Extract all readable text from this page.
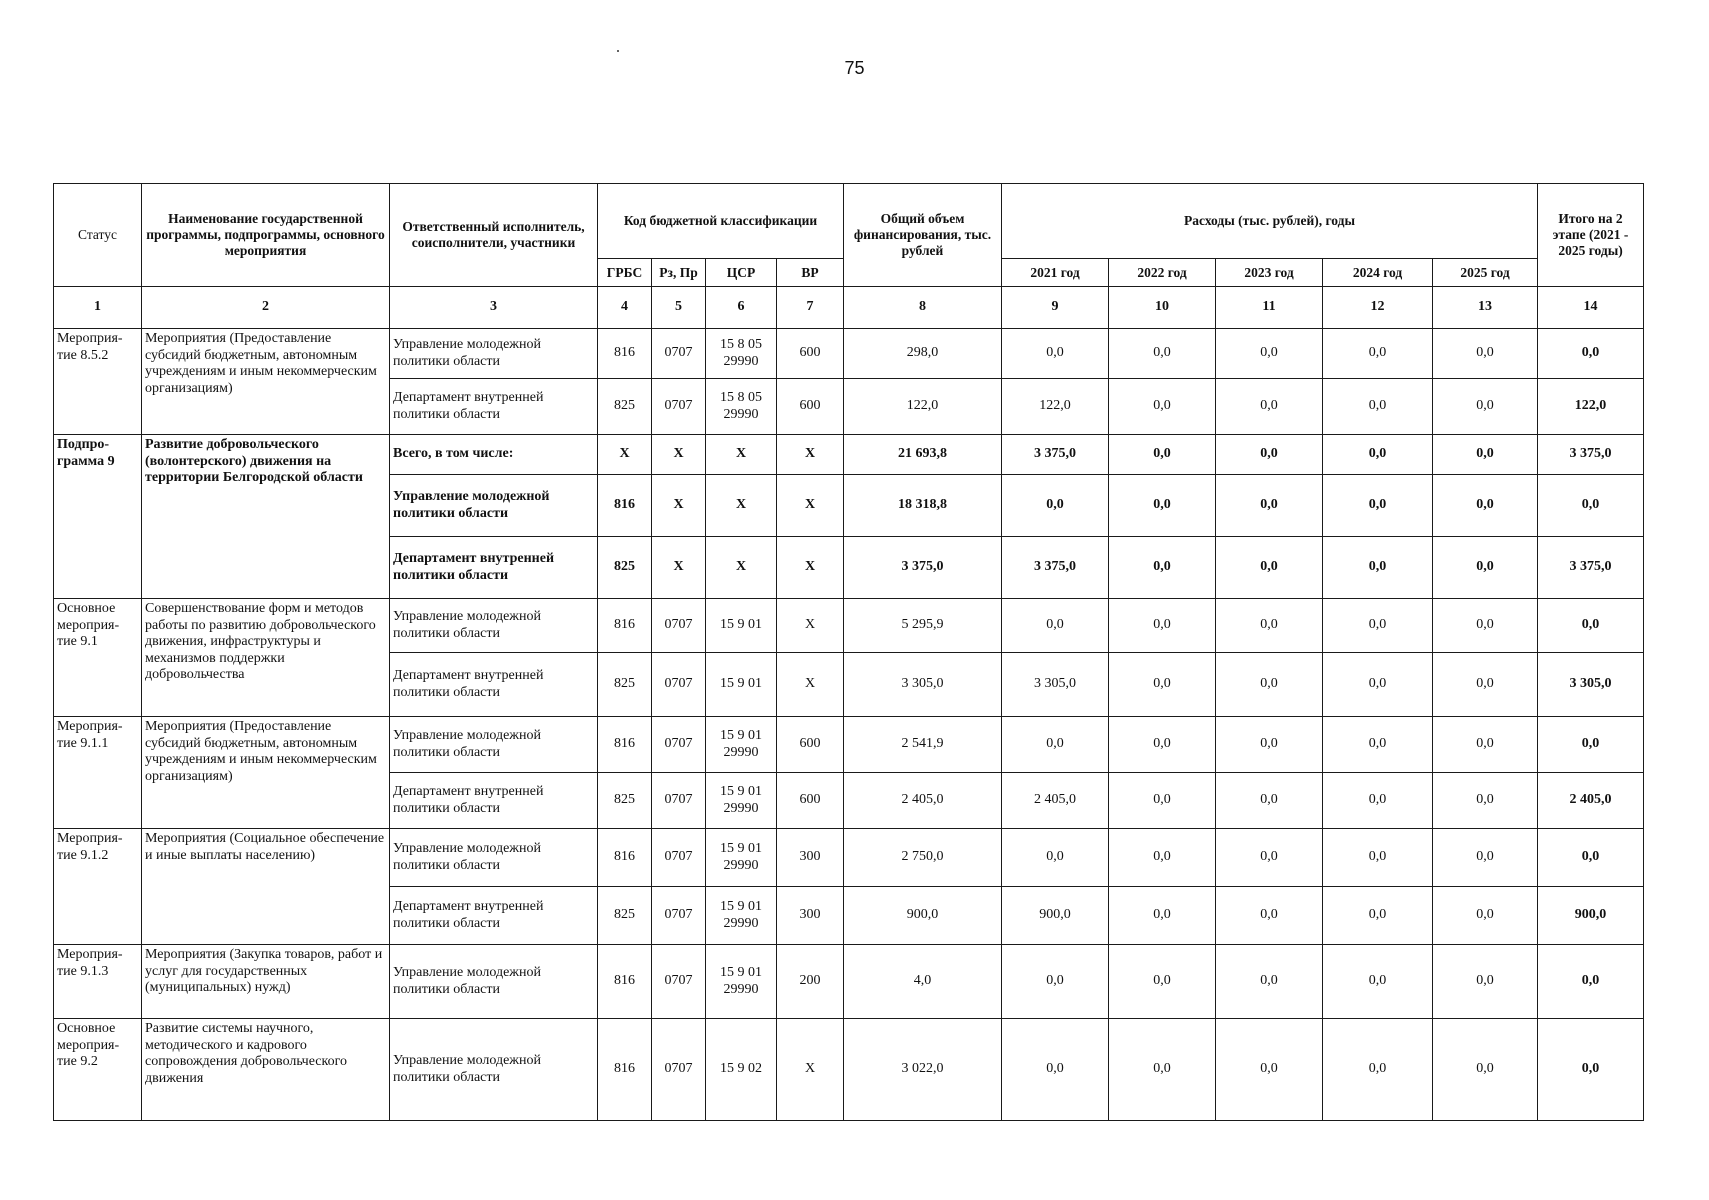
75
Статус	Наименование государственной программы, подпрограммы, основного мероприятия	Ответственный исполнитель, соисполнители, участники	Код бюджетной классификации				Общий объем финансирования, тыс. рублей	Расходы (тыс. рублей), годы					Итого на 2 этапе (2021 - 2025 годы)
			ГРБС	Рз, Пр	ЦСР	ВР		2021 год	2022 год	2023 год	2024 год	2025 год	
1	2	3	4	5	6	7	8	9	10	11	12	13	14
Мероприя-тие 8.5.2	Мероприятия (Предоставление субсидий бюджетным, автономным учреждениям и иным некоммерческим организациям)	Управление молодежной политики области	816	0707	15 8 05 29990	600	298,0	0,0	0,0	0,0	0,0	0,0	0,0
		Департамент внутренней политики области	825	0707	15 8 05 29990	600	122,0	122,0	0,0	0,0	0,0	0,0	122,0
Подпро-грамма 9	Развитие добровольческого (волонтерского) движения на территории Белгородской области	Всего, в том числе:	Х	Х	Х	Х	21 693,8	3 375,0	0,0	0,0	0,0	0,0	3 375,0
		Управление молодежной политики области	816	Х	Х	Х	18 318,8	0,0	0,0	0,0	0,0	0,0	0,0
		Департамент внутренней политики области	825	Х	Х	Х	3 375,0	3 375,0	0,0	0,0	0,0	0,0	3 375,0
Основное мероприя-тие 9.1	Совершенствование форм и методов работы по развитию добровольческого движения, инфраструктуры и механизмов поддержки добровольчества	Управление молодежной политики области	816	0707	15 9 01	Х	5 295,9	0,0	0,0	0,0	0,0	0,0	0,0
		Департамент внутренней политики области	825	0707	15 9 01	Х	3 305,0	3 305,0	0,0	0,0	0,0	0,0	3 305,0
Мероприя-тие 9.1.1	Мероприятия (Предоставление субсидий бюджетным, автономным учреждениям и иным некоммерческим организациям)	Управление молодежной политики области	816	0707	15 9 01 29990	600	2 541,9	0,0	0,0	0,0	0,0	0,0	0,0
		Департамент внутренней политики области	825	0707	15 9 01 29990	600	2 405,0	2 405,0	0,0	0,0	0,0	0,0	2 405,0
Мероприя-тие 9.1.2	Мероприятия (Социальное обеспечение и иные выплаты населению)	Управление молодежной политики области	816	0707	15 9 01 29990	300	2 750,0	0,0	0,0	0,0	0,0	0,0	0,0
		Департамент внутренней политики области	825	0707	15 9 01 29990	300	900,0	900,0	0,0	0,0	0,0	0,0	900,0
Мероприя-тие 9.1.3	Мероприятия (Закупка товаров, работ и услуг для государственных (муниципальных) нужд)	Управление молодежной политики области	816	0707	15 9 01 29990	200	4,0	0,0	0,0	0,0	0,0	0,0	0,0
Основное мероприя-тие 9.2	Развитие системы научного, методического и кадрового сопровождения добровольческого движения	Управление молодежной политики области	816	0707	15 9 02	Х	3 022,0	0,0	0,0	0,0	0,0	0,0	0,0
